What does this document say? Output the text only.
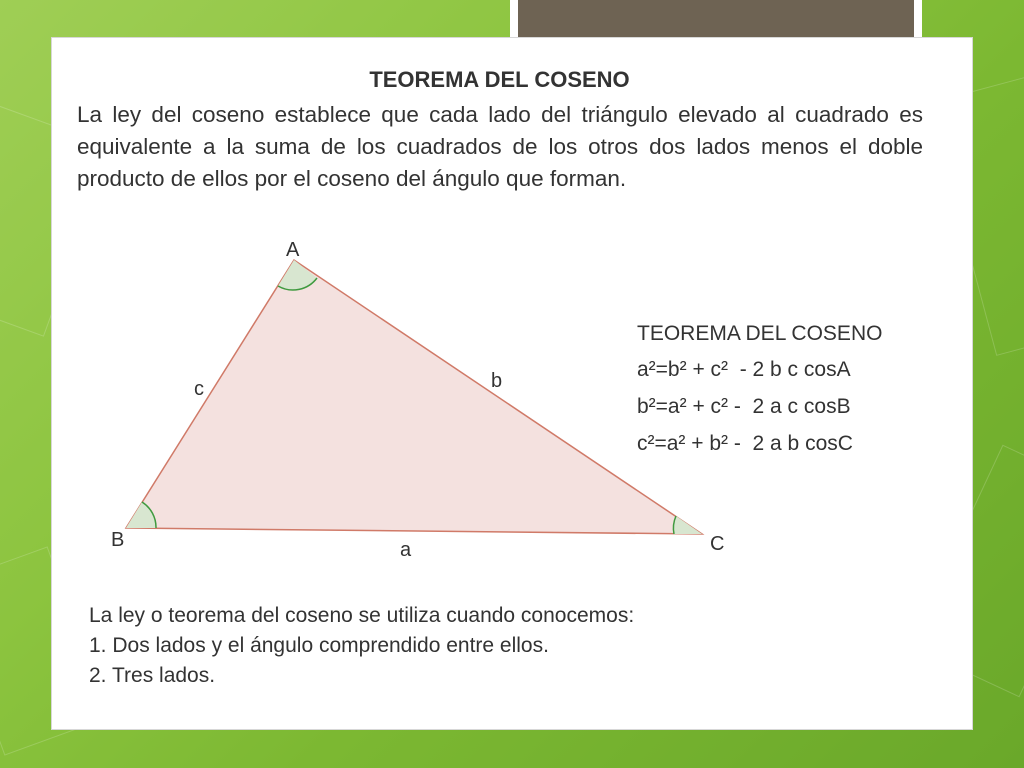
TEOREMA DEL COSENO
La ley del coseno establece que cada lado del triángulo elevado al cuadrado es equivalente a la suma de los cuadrados de los otros dos lados menos el doble producto de ellos por el coseno del ángulo que forman.
A
B	C
a
b
c
TEOREMA DEL COSENO
a²=b² + c²  - 2 b c cosA
b²=a² + c² -  2 a c cosB
c²=a² + b² -  2 a b cosC
La ley o teorema del coseno se utiliza cuando conocemos:
1. Dos lados y el ángulo comprendido entre ellos.
2. Tres lados.
